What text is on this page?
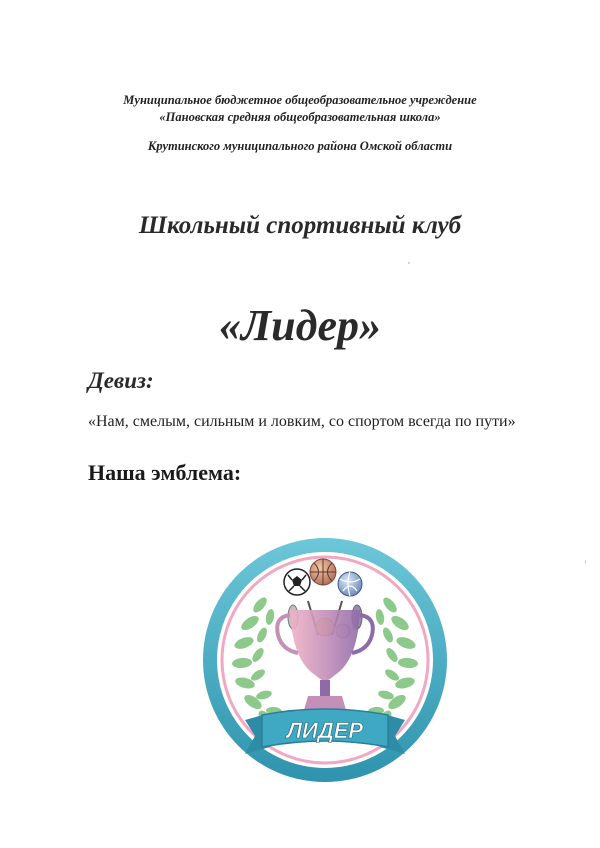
Муниципальное бюджетное общеобразовательное учреждение
«Пановская средняя общеобразовательная школа»
Крутинского муниципального района Омской области
Школьный спортивный клуб
«Лидер»
Девиз:
«Нам, смелым, сильным и ловким, со спортом всегда по пути»
Наша эмблема:
ЛИДЕР
